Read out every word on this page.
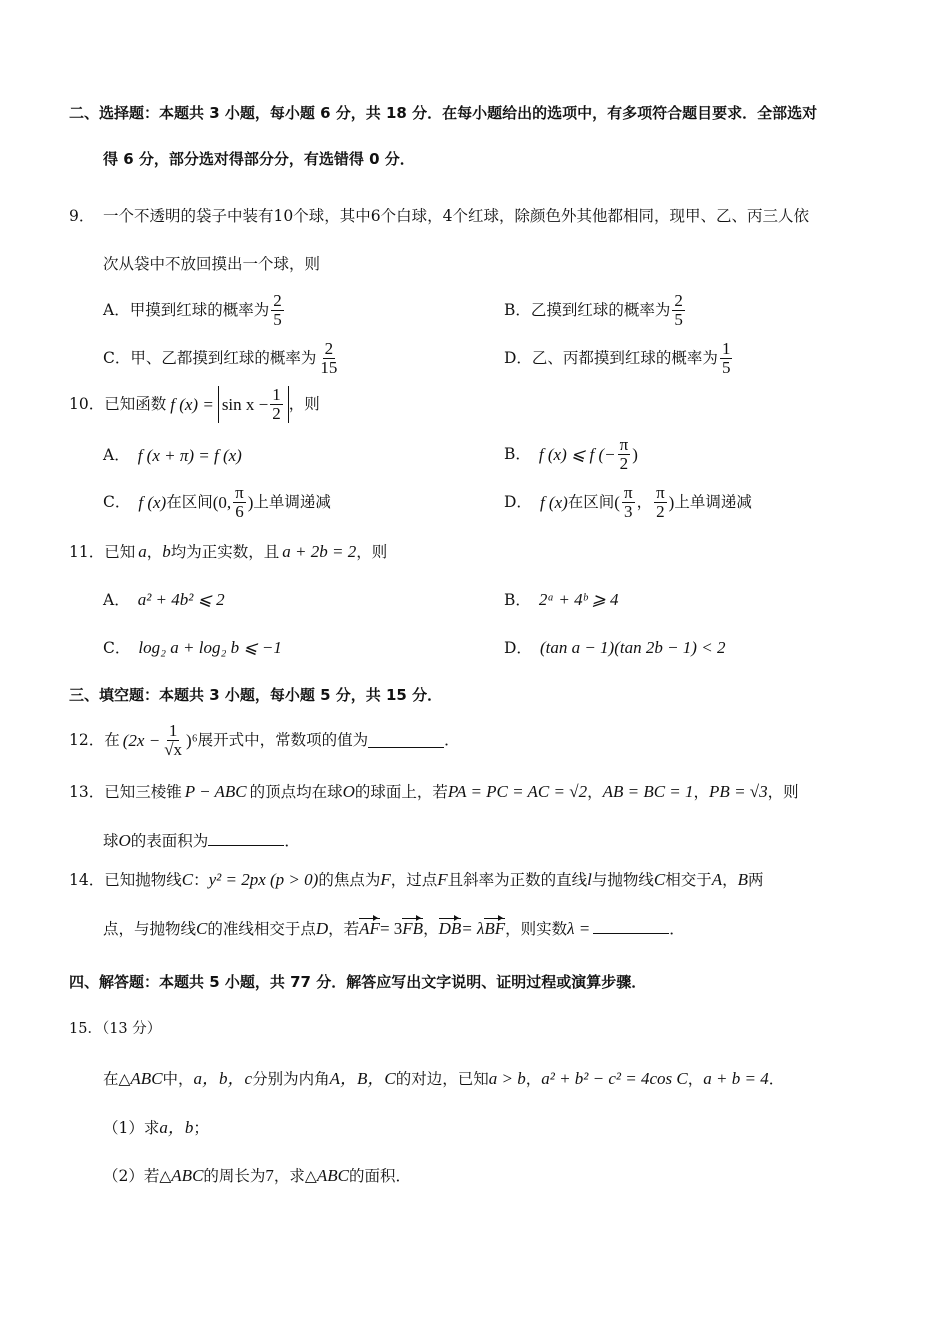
二、选择题：本题共 3 小题，每小题 6 分，共 18 分．在每小题给出的选项中，有多项符合题目要求．全部选对
得 6 分，部分选对得部分分，有选错得 0 分．
9． 一个不透明的袋子中装有10个球，其中6个白球，4个红球，除颜色外其他都相同，现甲、乙、丙三人依
次从袋中不放回摸出一个球，则
A．甲摸到红球的概率为 $\frac{2}{5}$	B．乙摸到红球的概率为 $\frac{2}{5}$
C．甲、乙都摸到红球的概率为 $\frac{2}{15}$	D．乙、丙都摸到红球的概率为 $\frac{1}{5}$
10． 已知函数 f $(x) = \sin x - \frac{1}{2}$ ，则
A． f (x + π) = f (x)	B． f (x) ⩽ f (− $\frac{\pi}{2}$ )
C． f (x) 在区间 (0, $\frac{\pi}{6}$ ) 上单调递减	D． f (x) 在区间 ( $\frac{\pi}{3}$ ， $\frac{\pi}{2}$ ) 上单调递减
11． 已知 a ， b 均为正实数，且 a + 2b = 2 ，则
A． a² + 4b² ⩽ 2	B． 2ᵃ + 4ᵇ ⩾ 4
C． log₂ a + log₂ b ⩽ −1	D． (tan a − 1)(tan 2b − 1) < 2
三、填空题：本题共 3 小题，每小题 5 分，共 15 分．
12． 在 $(2x - \frac{1}{√x} )^6$ 展开式中，常数项的值为	．
13． 已知三棱锥 P − ABC 的顶点均在球 O 的球面上，若 PA = PC = AC = √2 ， AB = BC = 1 ， PB = √3 ，则
球 O 的表面积为	．
14． 已知抛物线 C ： y² = 2px (p > 0) 的焦点为 F ，过点 F 且斜率为正数的直线 l 与抛物线 C 相交于 A ， B 两
点，与抛物线 C 的准线相交于点 D ，若 AF = 3 FB ， DB = λ BF ，则实数 λ =	．
四、解答题：本题共 5 小题，共 77 分．解答应写出文字说明、证明过程或演算步骤．
15．（13 分）
在△ ABC 中， a，b，c 分别为内角 A，B，C 的对边，已知 a > b ， a² + b² − c² = 4cos C ， a + b = 4 ．
（1）求 a，b ；
（2）若△ ABC 的周长为 7 ，求△ ABC 的面积．
